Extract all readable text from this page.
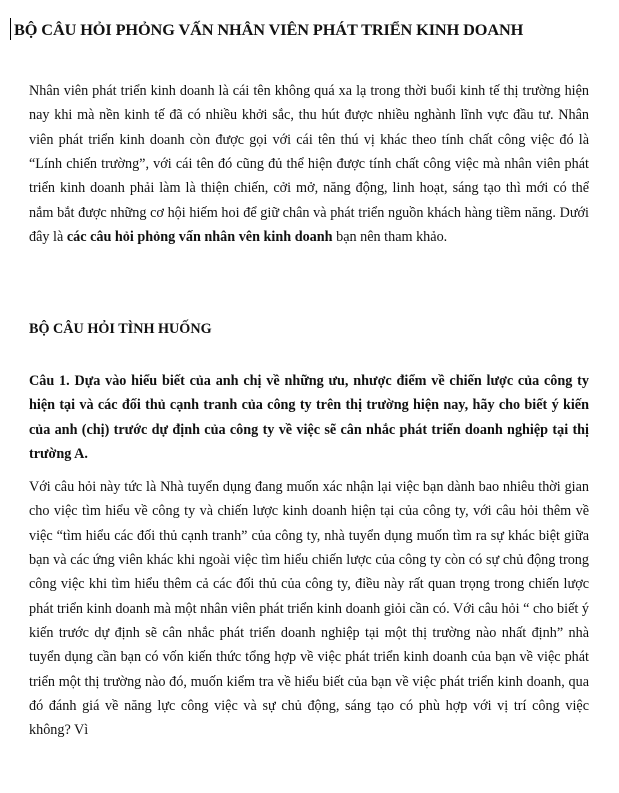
BỘ CÂU HỎI PHỎNG VẤN NHÂN VIÊN PHÁT TRIỂN KINH DOANH

Nhân viên phát triển kinh doanh là cái tên không quá xa lạ trong thời buổi kinh tế thị trường hiện nay khi mà nền kinh tế đã có nhiều khởi sắc, thu hút được nhiều nghành lĩnh vực đầu tư. Nhân viên phát triển kinh doanh còn được gọi với cái tên thú vị khác theo tính chất công việc đó là “Lính chiến trường”, với cái tên đó cũng đủ thể hiện được tính chất công việc mà nhân viên phát triển kinh doanh phải làm là thiện chiến, cởi mở, năng động, linh hoạt, sáng tạo thì mới có thể nắm bắt được những cơ hội hiếm hoi để giữ chân và phát triển nguồn khách hàng tiềm năng. Dưới đây là các câu hỏi phỏng vấn nhân vên kinh doanh bạn nên tham khảo.

BỘ CÂU HỎI TÌNH HUỐNG

Câu 1. Dựa vào hiểu biết của anh chị về những ưu, nhược điểm về chiến lược của công ty hiện tại và các đối thủ cạnh tranh của công ty trên thị trường hiện nay, hãy cho biết ý kiến của anh (chị) trước dự định của công ty về việc sẽ cân nhắc phát triển doanh nghiệp tại thị trường A.

Với câu hỏi này tức là Nhà tuyển dụng đang muốn xác nhận lại việc bạn dành bao nhiêu thời gian cho việc tìm hiểu về công ty và chiến lược kinh doanh hiện tại của công ty, với câu hỏi thêm về việc “tìm hiểu các đối thủ cạnh tranh” của công ty, nhà tuyển dụng muốn tìm ra sự khác biệt giữa bạn và các ứng viên khác khi ngoài việc tìm hiểu chiến lược của công ty còn có sự chủ động trong công việc khi tìm hiểu thêm cả các đối thủ của công ty, điều này rất quan trọng trong chiến lược phát triển kinh doanh mà một nhân viên phát triển kinh doanh giỏi cần có. Với câu hỏi “ cho biết ý kiến trước dự định sẽ cân nhắc phát triển doanh nghiệp tại một thị trường nào nhất định” nhà tuyển dụng cần bạn có vốn kiến thức tổng hợp về việc phát triển kinh doanh của bạn về việc phát triển một thị trường nào đó, muốn kiểm tra về hiểu biết của bạn về việc phát triển kinh doanh, qua đó đánh giá về năng lực công việc và sự chủ động, sáng tạo có phù hợp với vị trí công việc không? Vì
